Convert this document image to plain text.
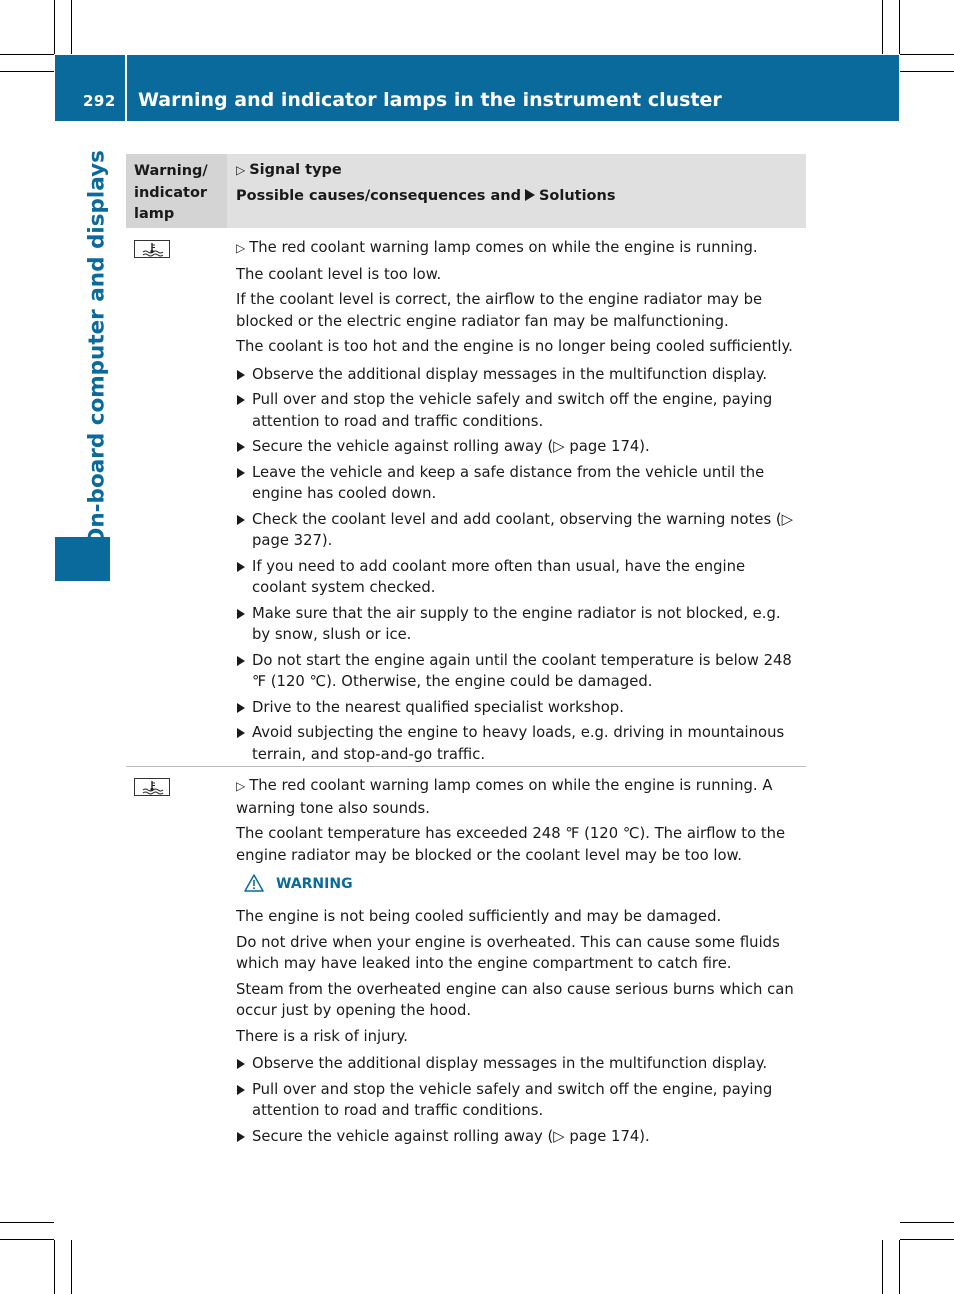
292 Warning and indicator lamps in the instrument cluster
On-board computer and displays Warning/ indicator lamp
▷ Signal type
Possible causes/consequences and Solutions

▷ The red coolant warning lamp comes on while the engine is running.

The coolant level is too low.

If the coolant level is correct, the airflow to the engine radiator may be blocked or the electric engine radiator fan may be malfunctioning.

The coolant is too hot and the engine is no longer being cooled sufficiently.

Observe the additional display messages in the multifunction display.
Pull over and stop the vehicle safely and switch off the engine, paying attention to road and traffic conditions.
Secure the vehicle against rolling away (▷ page 174).
Leave the vehicle and keep a safe distance from the vehicle until the engine has cooled down.
Check the coolant level and add coolant, observing the warning notes (▷ page 327).
If you need to add coolant more often than usual, have the engine coolant system checked.
Make sure that the air supply to the engine radiator is not blocked, e.g. by snow, slush or ice.
Do not start the engine again until the coolant temperature is below 248 ℉ (120 ℃). Otherwise, the engine could be damaged.
Drive to the nearest qualified specialist workshop.
Avoid subjecting the engine to heavy loads, e.g. driving in mountainous terrain, and stop-and-go traffic.

▷ The red coolant warning lamp comes on while the engine is running. A warning tone also sounds.

The coolant temperature has exceeded 248 ℉ (120 ℃). The airflow to the engine radiator may be blocked or the coolant level may be too low.

WARNING

The engine is not being cooled sufficiently and may be damaged.

Do not drive when your engine is overheated. This can cause some fluids which may have leaked into the engine compartment to catch fire.

Steam from the overheated engine can also cause serious burns which can occur just by opening the hood.

There is a risk of injury.

Observe the additional display messages in the multifunction display.
Pull over and stop the vehicle safely and switch off the engine, paying attention to road and traffic conditions.
Secure the vehicle against rolling away (▷ page 174).
